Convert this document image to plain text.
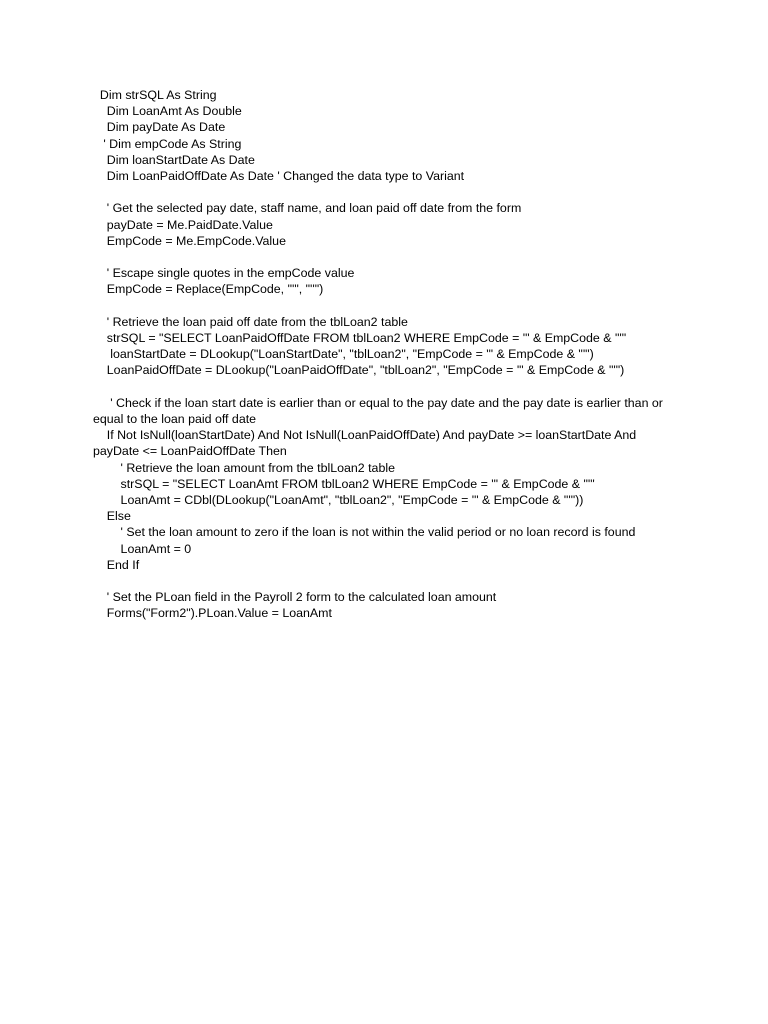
Dim strSQL As String
Dim LoanAmt As Double
Dim payDate As Date
' Dim empCode As String
Dim loanStartDate As Date
Dim LoanPaidOffDate As Date ' Changed the data type to Variant
' Get the selected pay date, staff name, and loan paid off date from the form
payDate = Me.PaidDate.Value
EmpCode = Me.EmpCode.Value
' Escape single quotes in the empCode value
EmpCode = Replace(EmpCode, "'", "''")
' Retrieve the loan paid off date from the tblLoan2 table
strSQL = "SELECT LoanPaidOffDate FROM tblLoan2 WHERE EmpCode = '" & EmpCode & "'"
loanStartDate = DLookup("LoanStartDate", "tblLoan2", "EmpCode = '" & EmpCode & "'")
LoanPaidOffDate = DLookup("LoanPaidOffDate", "tblLoan2", "EmpCode = '" & EmpCode & "'")
' Check if the loan start date is earlier than or equal to the pay date and the pay date is earlier than or equal to the loan paid off date
If Not IsNull(loanStartDate) And Not IsNull(LoanPaidOffDate) And payDate >= loanStartDate And payDate <= LoanPaidOffDate Then
' Retrieve the loan amount from the tblLoan2 table
strSQL = "SELECT LoanAmt FROM tblLoan2 WHERE EmpCode = '" & EmpCode & "'"
LoanAmt = CDbl(DLookup("LoanAmt", "tblLoan2", "EmpCode = '" & EmpCode & "'"))
Else
' Set the loan amount to zero if the loan is not within the valid period or no loan record is found
LoanAmt = 0
End If
' Set the PLoan field in the Payroll 2 form to the calculated loan amount
Forms("Form2").PLoan.Value = LoanAmt
